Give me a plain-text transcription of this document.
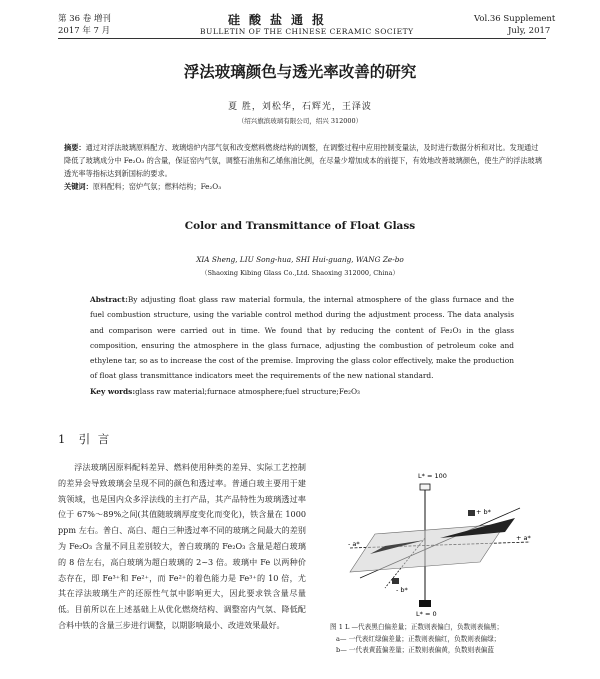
第 36 卷 増刊
2017 年 7 月
硅酸盐通报
BULLETIN OF THE CHINESE CERAMIC SOCIETY
Vol.36 Supplement
July, 2017
浮法玻璃颜色与透光率改善的研究
夏 胜，刘松华，石辉光，王泽波
（绍兴旗滨玻璃有限公司，绍兴 312000）
摘要：通过对浮法玻璃原料配方、玻璃熔炉内部气氛和改变燃料燃烧结构的调整，在调整过程中应用控制变量法，及时进行数据分析和对比。发现通过降低了玻璃成分中 Fe₂O₃ 的含量，保证窑内气氛，调整石油焦和乙烯焦油比例，在尽量少增加成本的前提下，有效地改善玻璃颜色，使生产的浮法玻璃透光率等指标达到新国标的要求。
关键词：原料配料；窑炉气氛；燃料结构；Fe₂O₃
Color and Transmittance of Float Glass
XIA Sheng, LIU Song-hua, SHI Hui-guang, WANG Ze-bo
（Shaoxing Kibing Glass Co.,Ltd. Shaoxing 312000, China）
Abstract:By adjusting float glass raw material formula, the internal atmosphere of the glass furnace and the fuel combustion structure, using the variable control method during the adjustment process. The data analysis and comparison were carried out in time. We found that by reducing the content of Fe₂O₃ in the glass composition, ensuring the atmosphere in the glass furnace, adjusting the combustion of petroleum coke and ethylene tar, so as to increase the cost of the premise. Improving the glass color effectively, make the production of float glass transmittance indicators meet the requirements of the new national standard.
Key words:glass raw material;furnace atmosphere;fuel structure;Fe₂O₃
1 引 言

浮法玻璃因原料配料差异、燃料使用种类的差异、实际工艺控制的差异会导致玻璃会呈现不同的颜色和透过率。普通白玻主要用于建筑领域，也是国内众多浮法线的主打产品，其产品特性为玻璃透过率位于 67%～89%之间(其值随玻璃厚度变化而变化)，铁含量在 1000 ppm 左右。普白、高白、超白三种透过率不同的玻璃之间最大的差别为 Fe₂O₃ 含量不同且差别较大，普白玻璃的 Fe₂O₃ 含量是超白玻璃的 8 倍左右，高白玻璃为超白玻璃的 2~3 倍。玻璃中 Fe 以两种价态存在，即 Fe³⁺和 Fe²⁺，而 Fe²⁺的着色能力是 Fe³⁺的 10 倍，尤其在浮法玻璃生产的还原性气氛中影响更大，因此要求铁含量尽量低。目前所以在上述基础上从优化燃烧结构、调整窑内气氛、降低配合料中铁的含量三步进行调整，以期影响最小、改进效果最好。

L* = 100
L* = 0
+ b*
- b*
+ a*
- a*
图 1 L —代表黑白偏差量；正数则表偏白，负数则表偏黑；
a— 一代表红绿偏差量；正数则表偏红，负数则表偏绿；
b— 一代表黄蓝偏差量；正数则表偏黄，负数则表偏蓝
